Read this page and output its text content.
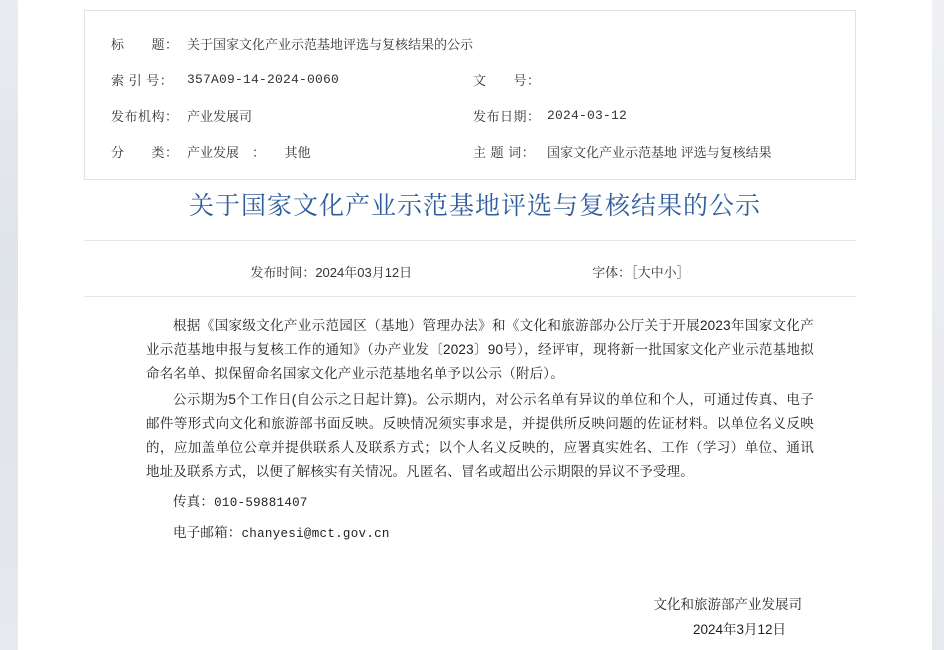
标　　题： 关于国家文化产业示范基地评选与复核结果的公示
索 引 号：	357A09-14-2024-0060	文　　号：
发布机构： 产业发展司	发布日期： 2024-03-12
分　　类： 产业发展　：　　其他	主 题 词： 国家文化产业示范基地 评选与复核结果
关于国家文化产业示范基地评选与复核结果的公示
发布时间：2024年03月12日	字体：［大中小］

根据《国家级文化产业示范园区（基地）管理办法》和《文化和旅游部办公厅关于开展2023年国家文化产业示范基地申报与复核工作的通知》（办产业发〔2023〕90号），经评审，现将新一批国家文化产业示范基地拟命名名单、拟保留命名国家文化产业示范基地名单予以公示（附后）。

公示期为5个工作日(自公示之日起计算)。公示期内，对公示名单有异议的单位和个人，可通过传真、电子邮件等形式向文化和旅游部书面反映。反映情况须实事求是，并提供所反映问题的佐证材料。以单位名义反映的，应加盖单位公章并提供联系人及联系方式；以个人名义反映的，应署真实姓名、工作（学习）单位、通讯地址及联系方式，以便了解核实有关情况。凡匿名、冒名或超出公示期限的异议不予受理。

传真：010-59881407

电子邮箱：chanyesi@mct.gov.cn

文化和旅游部产业发展司
2024年3月12日
